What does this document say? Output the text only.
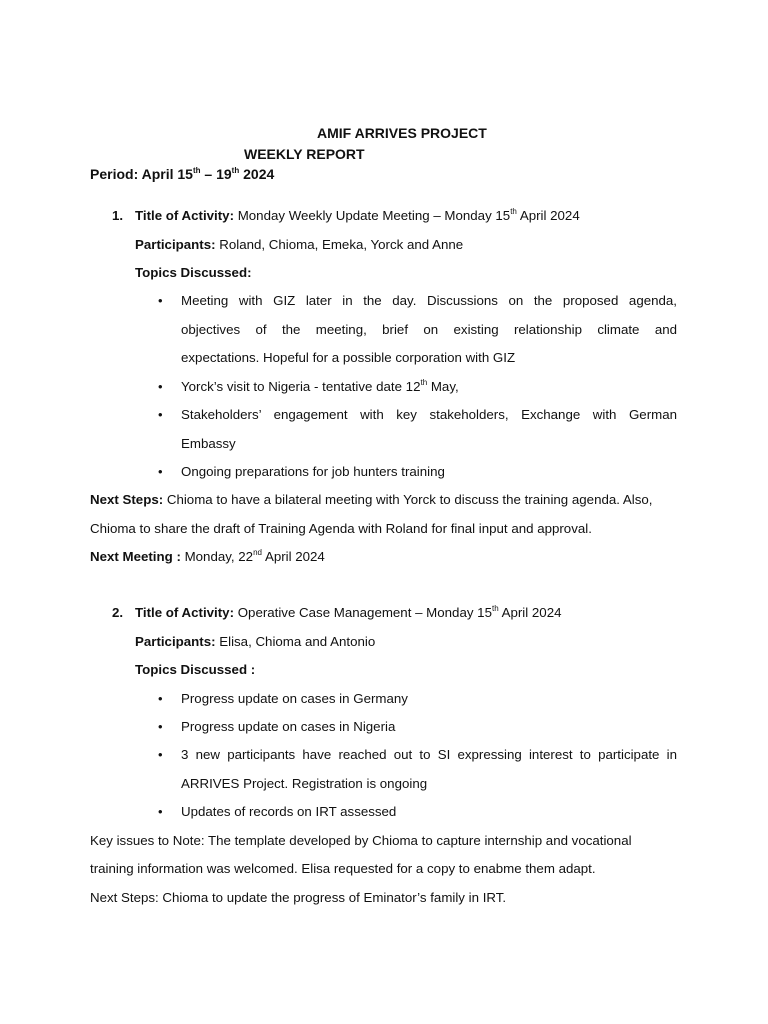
AMIF ARRIVES PROJECT
WEEKLY REPORT
Period: April 15th – 19th 2024
1. Title of Activity: Monday Weekly Update Meeting – Monday 15th April 2024
Participants: Roland, Chioma, Emeka, Yorck and Anne
Topics Discussed:
• Meeting with GIZ later in the day. Discussions on the proposed agenda,
objectives of the meeting, brief on existing relationship climate and
expectations. Hopeful for a possible corporation with GIZ
• Yorck’s visit to Nigeria - tentative date 12th May,
• Stakeholders’ engagement with key stakeholders, Exchange with German
Embassy
• Ongoing preparations for job hunters training
Next Steps: Chioma to have a bilateral meeting with Yorck to discuss the training agenda. Also,
Chioma to share the draft of Training Agenda with Roland for final input and approval.
Next Meeting : Monday, 22nd April 2024
2. Title of Activity: Operative Case Management – Monday 15th April 2024
Participants: Elisa, Chioma and Antonio
Topics Discussed :
• Progress update on cases in Germany
• Progress update on cases in Nigeria
• 3 new participants have reached out to SI expressing interest to participate in
ARRIVES Project. Registration is ongoing
• Updates of records on IRT assessed
Key issues to Note: The template developed by Chioma to capture internship and vocational
training information was welcomed. Elisa requested for a copy to enabme them adapt.
Next Steps: Chioma to update the progress of Eminator’s family in IRT.
